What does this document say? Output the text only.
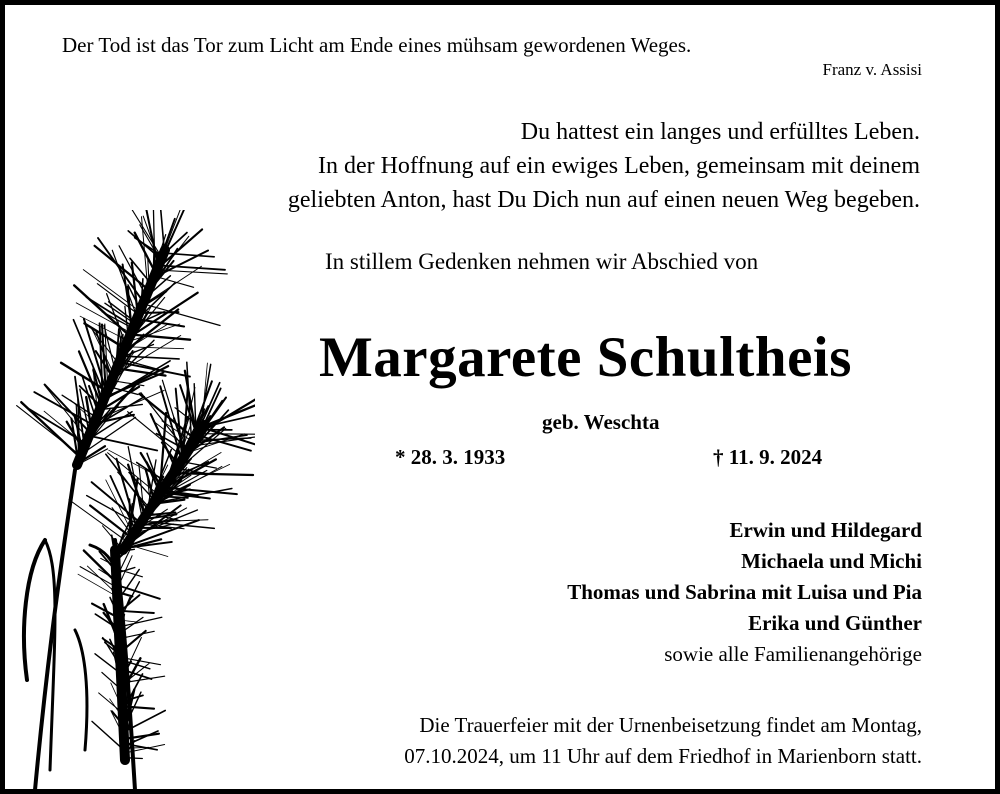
Der Tod ist das Tor zum Licht am Ende eines mühsam gewordenen Weges.
Franz v. Assisi
Du hattest ein langes und erfülltes Leben.
In der Hoffnung auf ein ewiges Leben, gemeinsam mit deinem
geliebten Anton, hast Du Dich nun auf einen neuen Weg begeben.
In stillem Gedenken nehmen wir Abschied von
Margarete Schultheis
geb. Weschta
* 28. 3. 1933	† 11. 9. 2024
Erwin und Hildegard
Michaela und Michi
Thomas und Sabrina mit Luisa und Pia
Erika und Günther
sowie alle Familienangehörige
Die Trauerfeier mit der Urnenbeisetzung findet am Montag,
07.10.2024, um 11 Uhr auf dem Friedhof in Marienborn statt.
